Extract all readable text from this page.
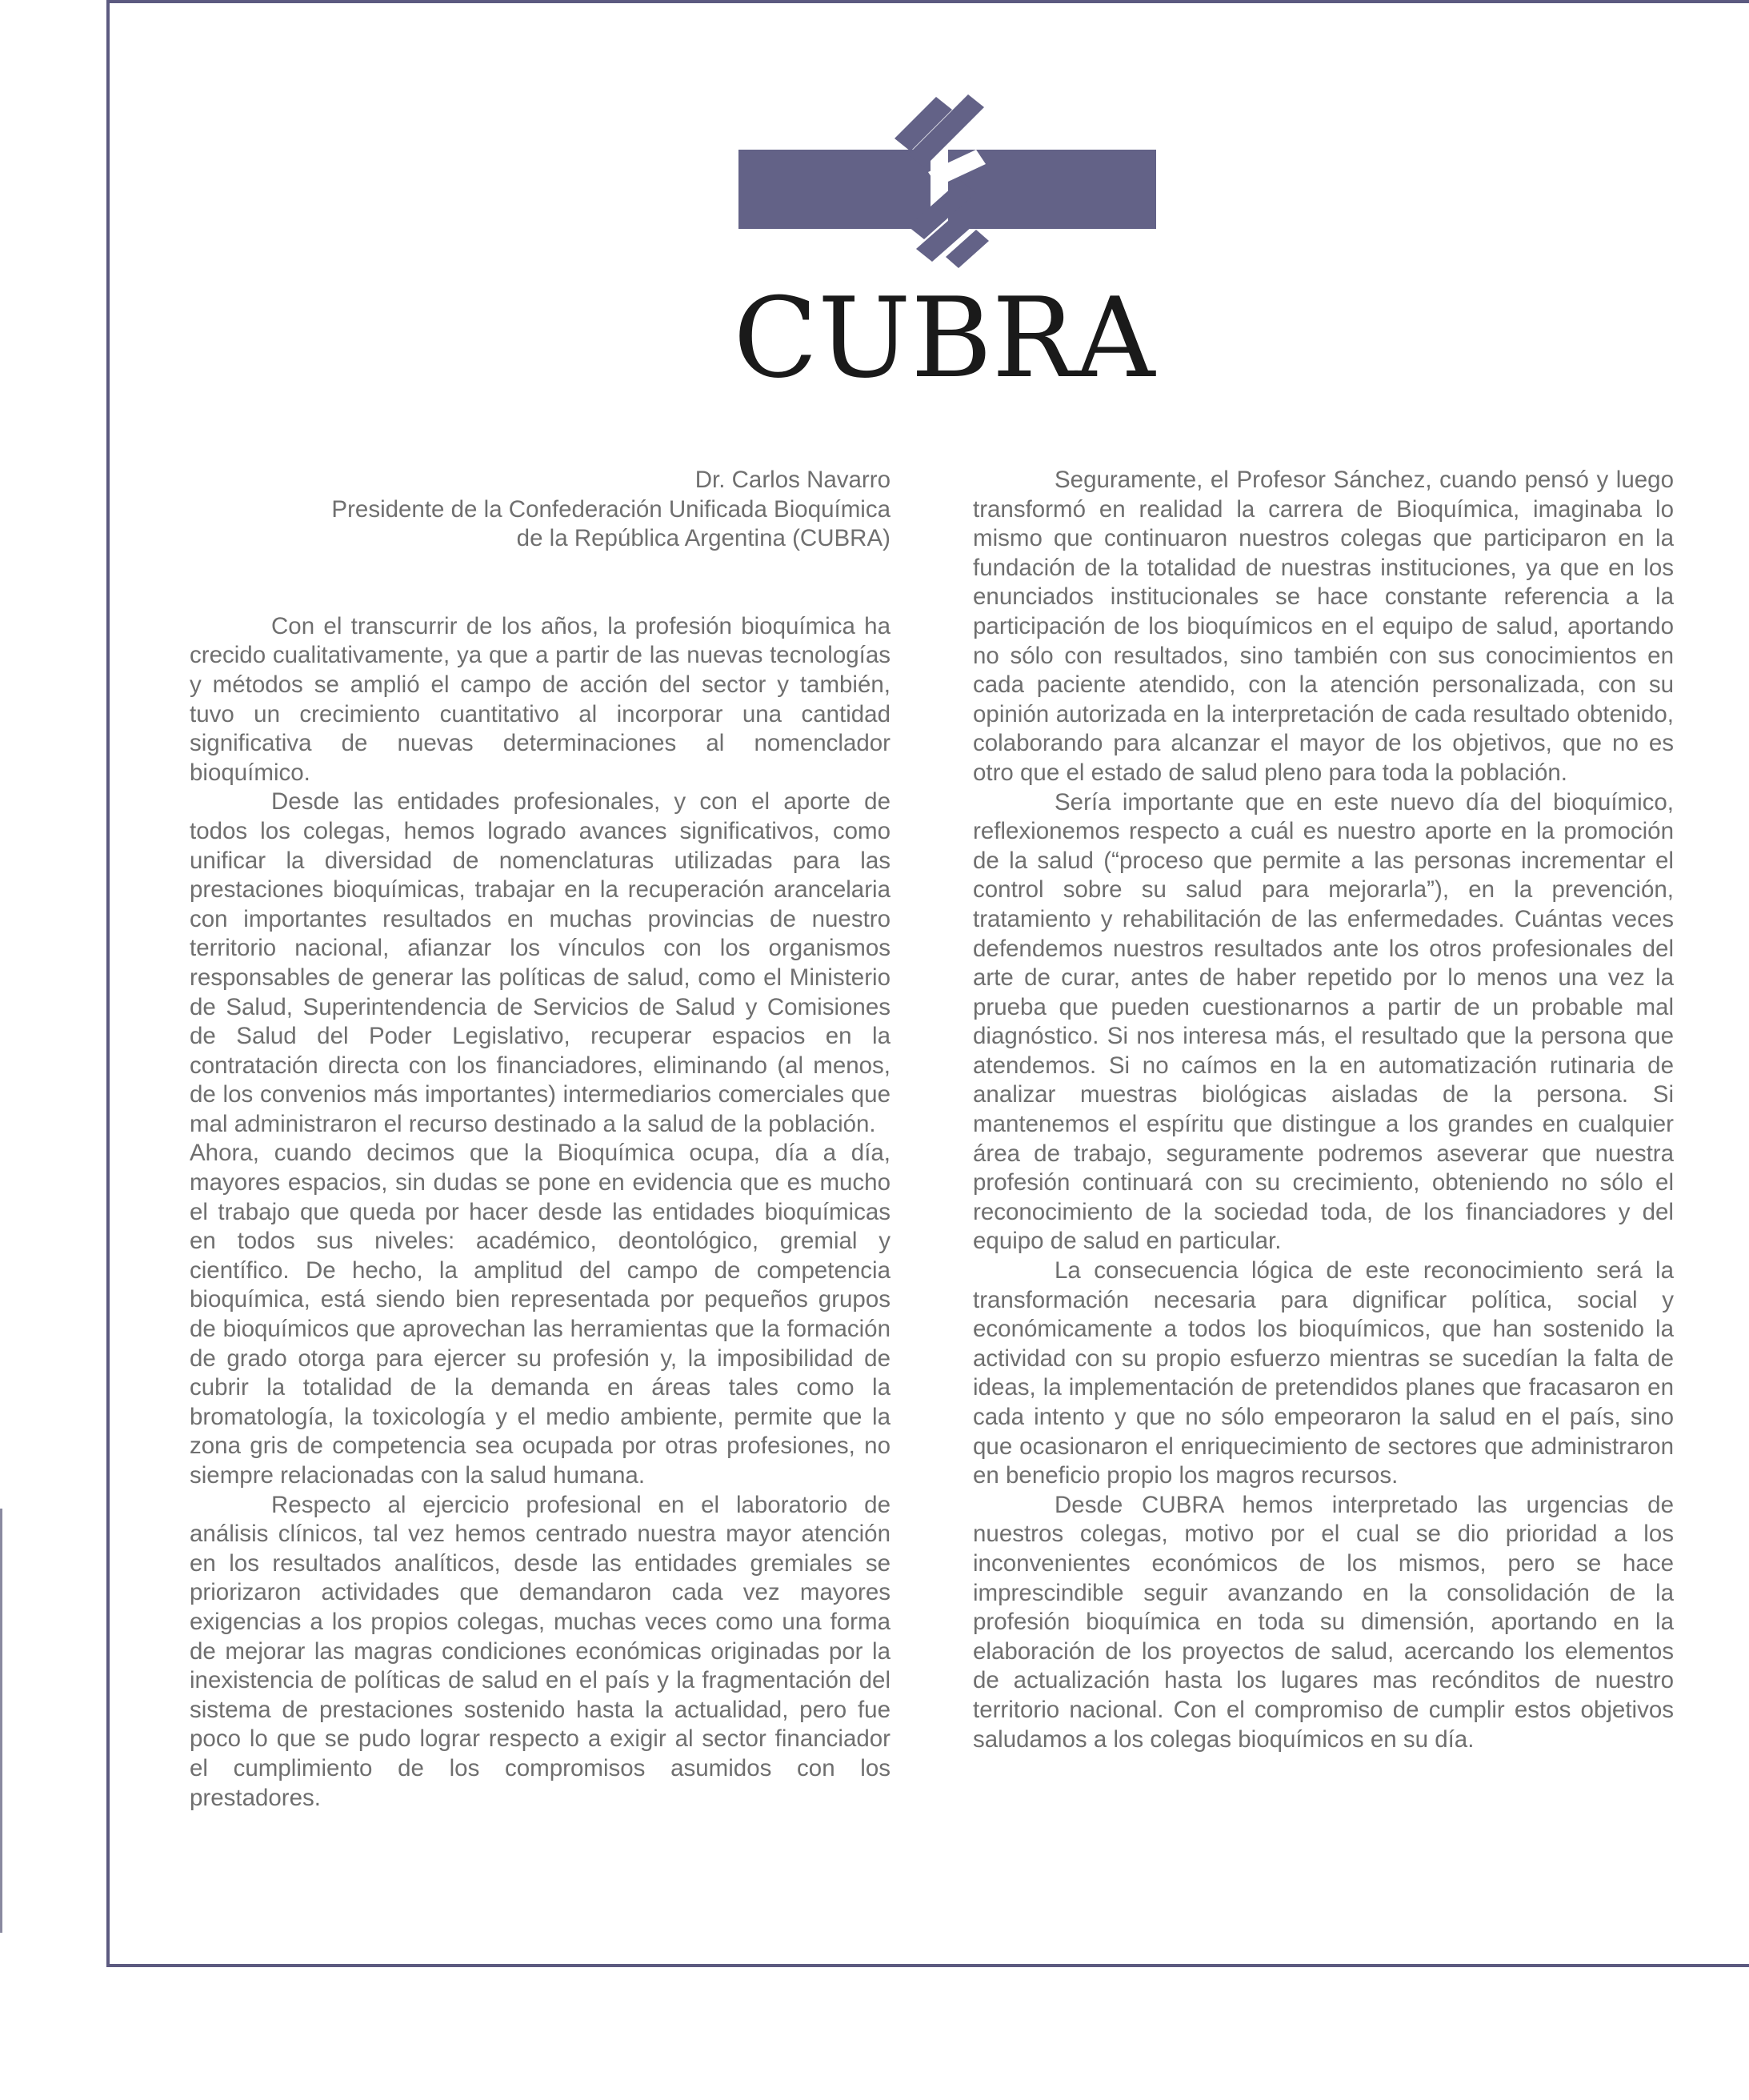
CUBRA
Dr. Carlos Navarro
Presidente de la Confederación Unificada Bioquímica
de la República Argentina (CUBRA)

Con el transcurrir de los años, la profesión bioquímica ha crecido cualitativamente, ya que a partir de las nuevas tecnologías y métodos se amplió el campo de acción del sector y también, tuvo un crecimiento cuantitativo al incorporar una cantidad significativa de nuevas determinaciones al nomenclador bioquímico.

Desde las entidades profesionales, y con el aporte de todos los colegas, hemos logrado avances significativos, como unificar la diversidad de nomenclaturas utilizadas para las prestaciones bioquímicas, trabajar en la recuperación arancelaria con importantes resultados en muchas provincias de nuestro territorio nacional, afianzar los vínculos con los organismos responsables de generar las políticas de salud, como el Ministerio de Salud, Superintendencia de Servicios de Salud y Comisiones de Salud del Poder Legislativo, recuperar espacios en la contratación directa con los financiadores, eliminando (al menos, de los convenios más importantes) intermediarios comerciales que mal administraron el recurso destinado a la salud de la población.

Ahora, cuando decimos que la Bioquímica ocupa, día a día, mayores espacios, sin dudas se pone en evidencia que es mucho el trabajo que queda por hacer desde las entidades bioquímicas en todos sus niveles: académico, deontológico, gremial y científico. De hecho, la amplitud del campo de competencia bioquímica, está siendo bien representada por pequeños grupos de bioquímicos que aprovechan las herramientas que la formación de grado otorga para ejercer su profesión y, la imposibilidad de cubrir la totalidad de la demanda en áreas tales como la bromatología, la toxicología y el medio ambiente, permite que la zona gris de competencia sea ocupada por otras profesiones, no siempre relacionadas con la salud humana.

Respecto al ejercicio profesional en el laboratorio de análisis clínicos, tal vez hemos centrado nuestra mayor atención en los resultados analíticos, desde las entidades gremiales se priorizaron actividades que demandaron cada vez mayores exigencias a los propios colegas, muchas veces como una forma de mejorar las magras condiciones económicas originadas por la inexistencia de políticas de salud en el país y la fragmentación del sistema de prestaciones sostenido hasta la actualidad, pero fue poco lo que se pudo lograr respecto a exigir al sector financiador el cumplimiento de los compromisos asumidos con los prestadores.

Seguramente, el Profesor Sánchez, cuando pensó y luego transformó en realidad la carrera de Bioquímica, imaginaba lo mismo que continuaron nuestros colegas que participaron en la fundación de la totalidad de nuestras instituciones, ya que en los enunciados institucionales se hace constante referencia a la participación de los bioquímicos en el equipo de salud, aportando no sólo con resultados, sino también con sus conocimientos en cada paciente atendido, con la atención personalizada, con su opinión autorizada en la interpretación de cada resultado obtenido, colaborando para alcanzar el mayor de los objetivos, que no es otro que el estado de salud pleno para toda la población.

Sería importante que en este nuevo día del bioquímico, reflexionemos respecto a cuál es nuestro aporte en la promoción de la salud (“proceso que permite a las personas incrementar el control sobre su salud para mejorarla”), en la prevención, tratamiento y rehabilitación de las enfermedades. Cuántas veces defendemos nuestros resultados ante los otros profesionales del arte de curar, antes de haber repetido por lo menos una vez la prueba que pueden cuestionarnos a partir de un probable mal diagnóstico. Si nos interesa más, el resultado que la persona que atendemos. Si no caímos en la en automatización rutinaria de analizar muestras biológicas aisladas de la persona. Si mantenemos el espíritu que distingue a los grandes en cualquier área de trabajo, seguramente podremos aseverar que nuestra profesión continuará con su crecimiento, obteniendo no sólo el reconocimiento de la sociedad toda, de los financiadores y del equipo de salud en particular.

La consecuencia lógica de este reconocimiento será la transformación necesaria para dignificar política, social y económicamente a todos los bioquímicos, que han sostenido la actividad con su propio esfuerzo mientras se sucedían la falta de ideas, la implementación de pretendidos planes que fracasaron en cada intento y que no sólo empeoraron la salud en el país, sino que ocasionaron el enriquecimiento de sectores que administraron en beneficio propio los magros recursos.

Desde CUBRA hemos interpretado las urgencias de nuestros colegas, motivo por el cual se dio prioridad a los inconvenientes económicos de los mismos, pero se hace imprescindible seguir avanzando en la consolidación de la profesión bioquímica en toda su dimensión, aportando en la elaboración de los proyectos de salud, acercando los elementos de actualización hasta los lugares mas recónditos de nuestro territorio nacional. Con el compromiso de cumplir estos objetivos saludamos a los colegas bioquímicos en su día.
